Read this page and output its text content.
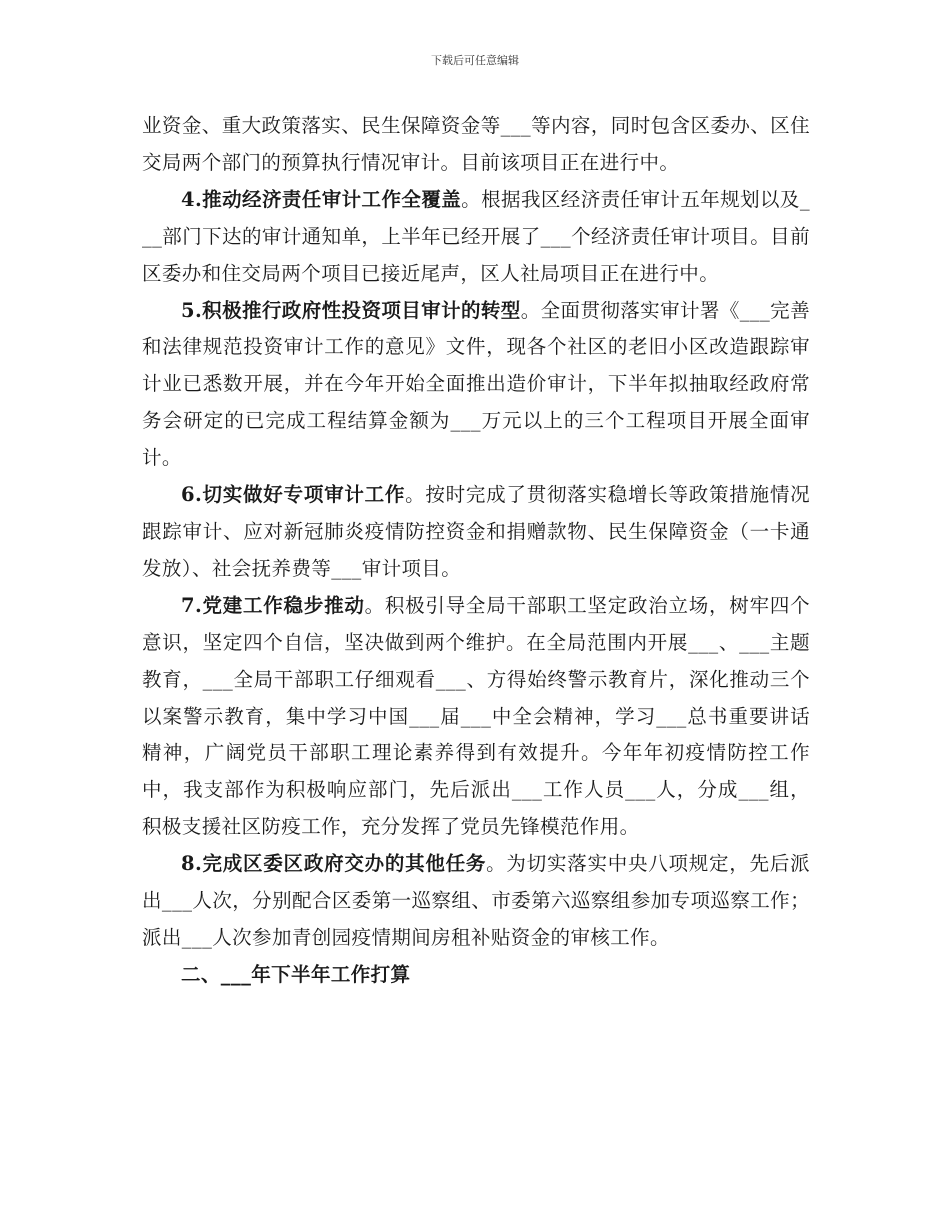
下载后可任意编辑

业资金、重大政策落实、民生保障资金等___等内容，同时包含区委办、区住交局两个部门的预算执行情况审计。目前该项目正在进行中。

4.推动经济责任审计工作全覆盖。根据我区经济责任审计五年规划以及___部门下达的审计通知单，上半年已经开展了___个经济责任审计项目。目前区委办和住交局两个项目已接近尾声，区人社局项目正在进行中。

5.积极推行政府性投资项目审计的转型。全面贯彻落实审计署《___完善和法律规范投资审计工作的意见》文件，现各个社区的老旧小区改造跟踪审计业已悉数开展，并在今年开始全面推出造价审计，下半年拟抽取经政府常务会研定的已完成工程结算金额为___万元以上的三个工程项目开展全面审计。

6.切实做好专项审计工作。按时完成了贯彻落实稳增长等政策措施情况跟踪审计、应对新冠肺炎疫情防控资金和捐赠款物、民生保障资金（一卡通发放）、社会抚养费等___审计项目。

7.党建工作稳步推动。积极引导全局干部职工坚定政治立场，树牢四个意识，坚定四个自信，坚决做到两个维护。在全局范围内开展___、___主题教育，___全局干部职工仔细观看___、方得始终警示教育片，深化推动三个以案警示教育，集中学习中国___届___中全会精神，学习___总书重要讲话精神，广阔党员干部职工理论素养得到有效提升。今年年初疫情防控工作中，我支部作为积极响应部门，先后派出___工作人员___人，分成___组，积极支援社区防疫工作，充分发挥了党员先锋模范作用。

8.完成区委区政府交办的其他任务。为切实落实中央八项规定，先后派出___人次，分别配合区委第一巡察组、市委第六巡察组参加专项巡察工作；派出___人次参加青创园疫情期间房租补贴资金的审核工作。

二、___年下半年工作打算
